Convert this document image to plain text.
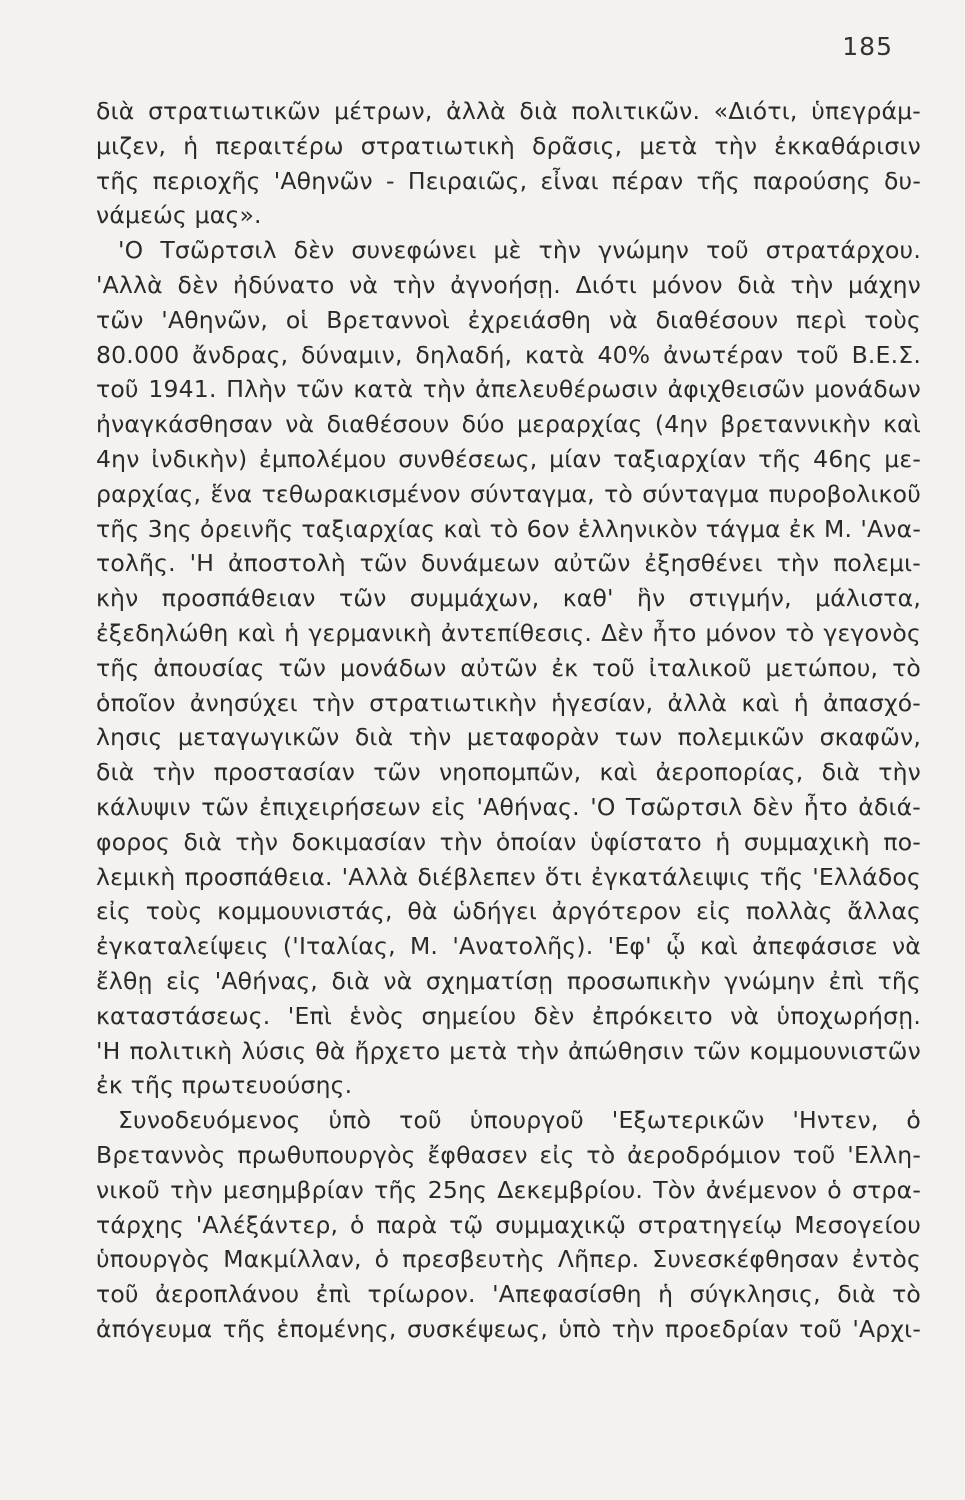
185
διὰ στρατιωτικῶν μέτρων, ἀλλὰ διὰ πολιτικῶν. «Διότι, ὑπεγράμ-
μιζεν, ἡ περαιτέρω στρατιωτικὴ δρᾶσις, μετὰ τὴν ἐκκαθάρισιν
τῆς περιοχῆς 'Αθηνῶν - Πειραιῶς, εἶναι πέραν τῆς παρούσης δυ-
νάμεώς μας».
'Ο Τσῶρτσιλ δὲν συνεφώνει μὲ τὴν γνώμην τοῦ στρατάρχου.
'Αλλὰ δὲν ἠδύνατο νὰ τὴν ἀγνοήσῃ. Διότι μόνον διὰ τὴν μάχην
τῶν 'Αθηνῶν, οἱ Βρεταννοὶ ἐχρειάσθη νὰ διαθέσουν περὶ τοὺς
80.000 ἄνδρας, δύναμιν, δηλαδή, κατὰ 40% ἀνωτέραν τοῦ Β.Ε.Σ.
τοῦ 1941. Πλὴν τῶν κατὰ τὴν ἀπελευθέρωσιν ἀφιχθεισῶν μονάδων
ἠναγκάσθησαν νὰ διαθέσουν δύο μεραρχίας (4ην βρεταννικὴν καὶ
4ην ἰνδικὴν) ἐμπολέμου συνθέσεως, μίαν ταξιαρχίαν τῆς 46ης με-
ραρχίας, ἕνα τεθωρακισμένον σύνταγμα, τὸ σύνταγμα πυροβολικοῦ
τῆς 3ης ὀρεινῆς ταξιαρχίας καὶ τὸ 6ον ἑλληνικὸν τάγμα ἐκ Μ. 'Ανα-
τολῆς. 'Η ἀποστολὴ τῶν δυνάμεων αὐτῶν ἐξησθένει τὴν πολεμι-
κὴν προσπάθειαν τῶν συμμάχων, καθ' ἣν στιγμήν, μάλιστα,
ἐξεδηλώθη καὶ ἡ γερμανικὴ ἀντεπίθεσις. Δὲν ἦτο μόνον τὸ γεγονὸς
τῆς ἀπουσίας τῶν μονάδων αὐτῶν ἐκ τοῦ ἰταλικοῦ μετώπου, τὸ
ὁποῖον ἀνησύχει τὴν στρατιωτικὴν ἡγεσίαν, ἀλλὰ καὶ ἡ ἀπασχό-
λησις μεταγωγικῶν διὰ τὴν μεταφορὰν των πολεμικῶν σκαφῶν,
διὰ τὴν προστασίαν τῶν νηοπομπῶν, καὶ ἀεροπορίας, διὰ τὴν
κάλυψιν τῶν ἐπιχειρήσεων εἰς 'Αθήνας. 'Ο Τσῶρτσιλ δὲν ἦτο ἀδιά-
φορος διὰ τὴν δοκιμασίαν τὴν ὁποίαν ὑφίστατο ἡ συμμαχικὴ πο-
λεμικὴ προσπάθεια. 'Αλλὰ διέβλεπεν ὅτι ἐγκατάλειψις τῆς 'Ελλάδος
εἰς τοὺς κομμουνιστάς, θὰ ὡδήγει ἀργότερον εἰς πολλὰς ἄλλας
ἐγκαταλείψεις ('Ιταλίας, Μ. 'Ανατολῆς). 'Εφ' ᾧ καὶ ἀπεφάσισε νὰ
ἔλθῃ εἰς 'Αθήνας, διὰ νὰ σχηματίσῃ προσωπικὴν γνώμην ἐπὶ τῆς
καταστάσεως. 'Επὶ ἑνὸς σημείου δὲν ἐπρόκειτο νὰ ὑποχωρήσῃ.
'Η πολιτικὴ λύσις θὰ ἤρχετο μετὰ τὴν ἀπώθησιν τῶν κομμουνιστῶν
ἐκ τῆς πρωτευούσης.
Συνοδευόμενος ὑπὸ τοῦ ὑπουργοῦ 'Εξωτερικῶν 'Ηντεν, ὁ
Βρεταννὸς πρωθυπουργὸς ἔφθασεν εἰς τὸ ἀεροδρόμιον τοῦ 'Ελλη-
νικοῦ τὴν μεσημβρίαν τῆς 25ης Δεκεμβρίου. Τὸν ἀνέμενον ὁ στρα-
τάρχης 'Αλέξάντερ, ὁ παρὰ τῷ συμμαχικῷ στρατηγείῳ Μεσογείου
ὑπουργὸς Μακμίλλαν, ὁ πρεσβευτὴς Λῆπερ. Συνεσκέφθησαν ἐντὸς
τοῦ ἀεροπλάνου ἐπὶ τρίωρον. 'Απεφασίσθη ἡ σύγκλησις, διὰ τὸ
ἀπόγευμα τῆς ἑπομένης, συσκέψεως, ὑπὸ τὴν προεδρίαν τοῦ 'Αρχι-
